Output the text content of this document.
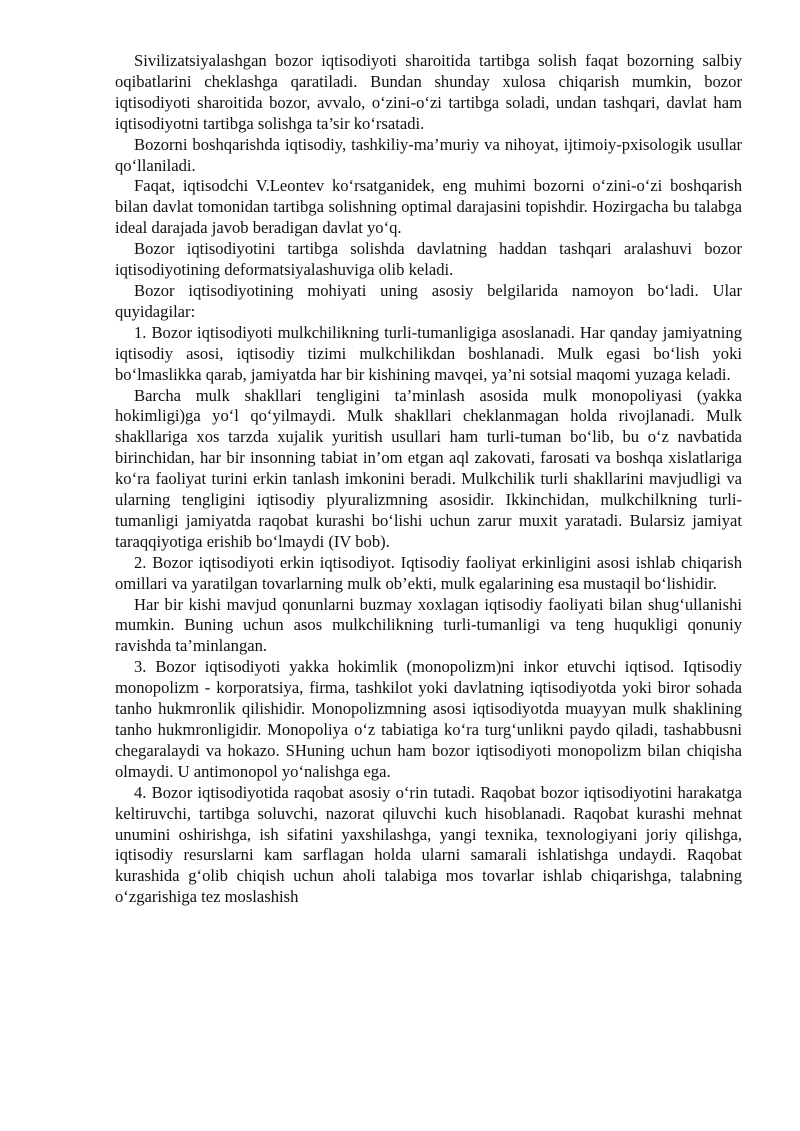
Sivilizatsiyalashgan bozor iqtisodiyoti sharoitida tartibga solish faqat bozorning salbiy oqibatlarini cheklashga qaratiladi. Bundan shunday xulosa chiqarish mumkin, bozor iqtisodiyoti sharoitida bozor, avvalo, o‘zini-o‘zi tartibga soladi, undan tashqari, davlat ham iqtisodiyotni tartibga solishga ta’sir ko‘rsatadi.

Bozorni boshqarishda iqtisodiy, tashkiliy-ma’muriy va nihoyat, ijtimoiy-pxisologik usullar qo‘llaniladi.

Faqat, iqtisodchi V.Leontev ko‘rsatganidek, eng muhimi bozorni o‘zini-o‘zi boshqarish bilan davlat tomonidan tartibga solishning optimal darajasini topishdir. Hozirgacha bu talabga ideal darajada javob beradigan davlat yo‘q.

Bozor iqtisodiyotini tartibga solishda davlatning haddan tashqari aralashuvi bozor iqtisodiyotining deformatsiyalashuviga olib keladi.

Bozor iqtisodiyotining mohiyati uning asosiy belgilarida namoyon bo‘ladi. Ular quyidagilar:

1. Bozor iqtisodiyoti mulkchilikning turli-tumanligiga asoslanadi. Har qanday jamiyatning iqtisodiy asosi, iqtisodiy tizimi mulkchilikdan boshlanadi. Mulk egasi bo‘lish yoki bo‘lmaslikka qarab, jamiyatda har bir kishining mavqei, ya’ni sotsial maqomi yuzaga keladi.

Barcha mulk shakllari tengligini ta’minlash asosida mulk monopoliyasi (yakka hokimligi)ga yo‘l qo‘yilmaydi. Mulk shakllari cheklanmagan holda rivojlanadi. Mulk shakllariga xos tarzda xujalik yuritish usullari ham turli-tuman bo‘lib, bu o‘z navbatida birinchidan, har bir insonning tabiat in’om etgan aql zakovati, farosati va boshqa xislatlariga ko‘ra faoliyat turini erkin tanlash imkonini beradi. Mulkchilik turli shakllarini mavjudligi va ularning tengligini iqtisodiy plyuralizmning asosidir. Ikkinchidan, mulkchilkning turli-tumanligi jamiyatda raqobat kurashi bo‘lishi uchun zarur muxit yaratadi. Bularsiz jamiyat taraqqiyotiga erishib bo‘lmaydi (IV bob).

2. Bozor iqtisodiyoti erkin iqtisodiyot. Iqtisodiy faoliyat erkinligini asosi ishlab chiqarish omillari va yaratilgan tovarlarning mulk ob’ekti, mulk egalarining esa mustaqil bo‘lishidir.

Har bir kishi mavjud qonunlarni buzmay xoxlagan iqtisodiy faoliyati bilan shug‘ullanishi mumkin. Buning uchun asos mulkchilikning turli-tumanligi va teng huqukligi qonuniy ravishda ta’minlangan.

3. Bozor iqtisodiyoti yakka hokimlik (monopolizm)ni inkor etuvchi iqtisod. Iqtisodiy monopolizm - korporatsiya, firma, tashkilot yoki davlatning iqtisodiyotda yoki biror sohada tanho hukmronlik qilishidir. Monopolizmning asosi iqtisodiyotda muayyan mulk shaklining tanho hukmronligidir. Monopoliya o‘z tabiatiga ko‘ra turg‘unlikni paydo qiladi, tashabbusni chegaralaydi va hokazo. SHuning uchun ham bozor iqtisodiyoti monopolizm bilan chiqisha olmaydi. U antimonopol yo‘nalishga ega.

4. Bozor iqtisodiyotida raqobat asosiy o‘rin tutadi. Raqobat bozor iqtisodiyotini harakatga keltiruvchi, tartibga soluvchi, nazorat qiluvchi kuch hisoblanadi. Raqobat kurashi mehnat unumini oshirishga, ish sifatini yaxshilashga, yangi texnika, texnologiyani joriy qilishga, iqtisodiy resurslarni kam sarflagan holda ularni samarali ishlatishga undaydi. Raqobat kurashida g‘olib chiqish uchun aholi talabiga mos tovarlar ishlab chiqarishga, talabning o‘zgarishiga tez moslashish
